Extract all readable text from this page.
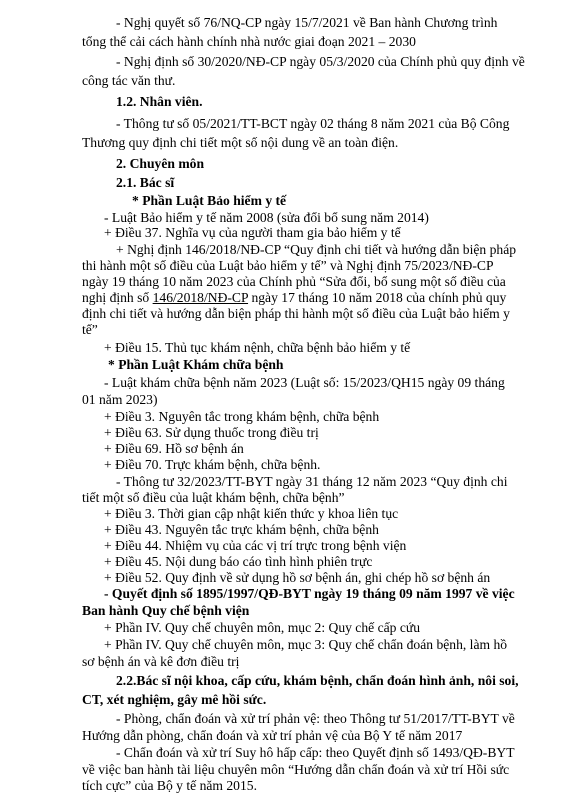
- Nghị quyết số 76/NQ-CP ngày 15/7/2021 về Ban hành Chương trình
tổng thể cải cách hành chính nhà nước giai đoạn 2021 – 2030
- Nghị định số 30/2020/NĐ-CP ngày 05/3/2020 của Chính phủ quy định về
công tác văn thư.
1.2. Nhân viên.
- Thông tư số 05/2021/TT-BCT ngày 02 tháng 8 năm 2021 của Bộ Công
Thương quy định chi tiết một số nội dung về an toàn điện.
2. Chuyên môn
2.1. Bác sĩ
* Phần Luật Bảo hiểm y tế
- Luật Bảo hiểm y tế năm 2008 (sửa đổi bổ sung năm 2014)
+ Điều 37. Nghĩa vụ của người tham gia bảo hiểm y tế
+ Nghị định 146/2018/NĐ-CP “Quy định chi tiết và hướng dẫn biện pháp
thi hành một số điều của Luật bảo hiểm y tế” và Nghị định 75/2023/NĐ-CP
ngày 19 tháng 10 năm 2023 của Chính phủ “Sửa đổi, bổ sung một số điều của
nghị định số 146/2018/NĐ-CP ngày 17 tháng 10 năm 2018 của chính phủ quy
định chi tiết và hướng dẫn biện pháp thi hành một số điều của Luật bảo hiểm y
tế”
+ Điều 15. Thủ tục khám nệnh, chữa bệnh bảo hiểm y tế
* Phần Luật Khám chữa bệnh
- Luật khám chữa bệnh năm 2023 (Luật số: 15/2023/QH15 ngày 09 tháng
01 năm 2023)
+ Điều 3. Nguyên tắc trong khám bệnh, chữa bệnh
+ Điều 63. Sử dụng thuốc trong điều trị
+ Điều 69. Hồ sơ bệnh án
+ Điều 70. Trực khám bệnh, chữa bệnh.
- Thông tư 32/2023/TT-BYT ngày 31 tháng 12 năm 2023 “Quy định chi
tiết một số điều của luật khám bệnh, chữa bệnh”
+ Điều 3. Thời gian cập nhật kiến thức y khoa liên tục
+ Điều 43. Nguyên tắc trực khám bệnh, chữa bệnh
+ Điều 44. Nhiệm vụ của các vị trí trực trong bệnh viện
+ Điều 45. Nội dung báo cáo tình hình phiên trực
+ Điều 52. Quy định về sử dụng hồ sơ bệnh án, ghi chép hồ sơ bệnh án
- Quyết định số 1895/1997/QĐ-BYT ngày 19 tháng 09 năm 1997 về việc
Ban hành Quy chế bệnh viện
+ Phần IV. Quy chế chuyên môn, mục 2: Quy chế cấp cứu
+ Phần IV. Quy chế chuyên môn, mục 3: Quy chế chẩn đoán bệnh, làm hồ
sơ bệnh án và kê đơn điều trị
2.2.Bác sĩ nội khoa, cấp cứu, khám bệnh, chẩn đoán hình ảnh, nôi soi,
CT, xét nghiệm, gây mê hồi sức.
- Phòng, chẩn đoán và xử trí phản vệ: theo Thông tư 51/2017/TT-BYT về
Hướng dẫn phòng, chẩn đoán và xử trí phản vệ của Bộ Y tế năm 2017
- Chẩn đoán và xử trí Suy hô hấp cấp: theo Quyết định số 1493/QĐ-BYT
về việc ban hành tài liệu chuyên môn “Hướng dẫn chẩn đoán và xử trí Hồi sức
tích cực” của Bộ y tế năm 2015.
